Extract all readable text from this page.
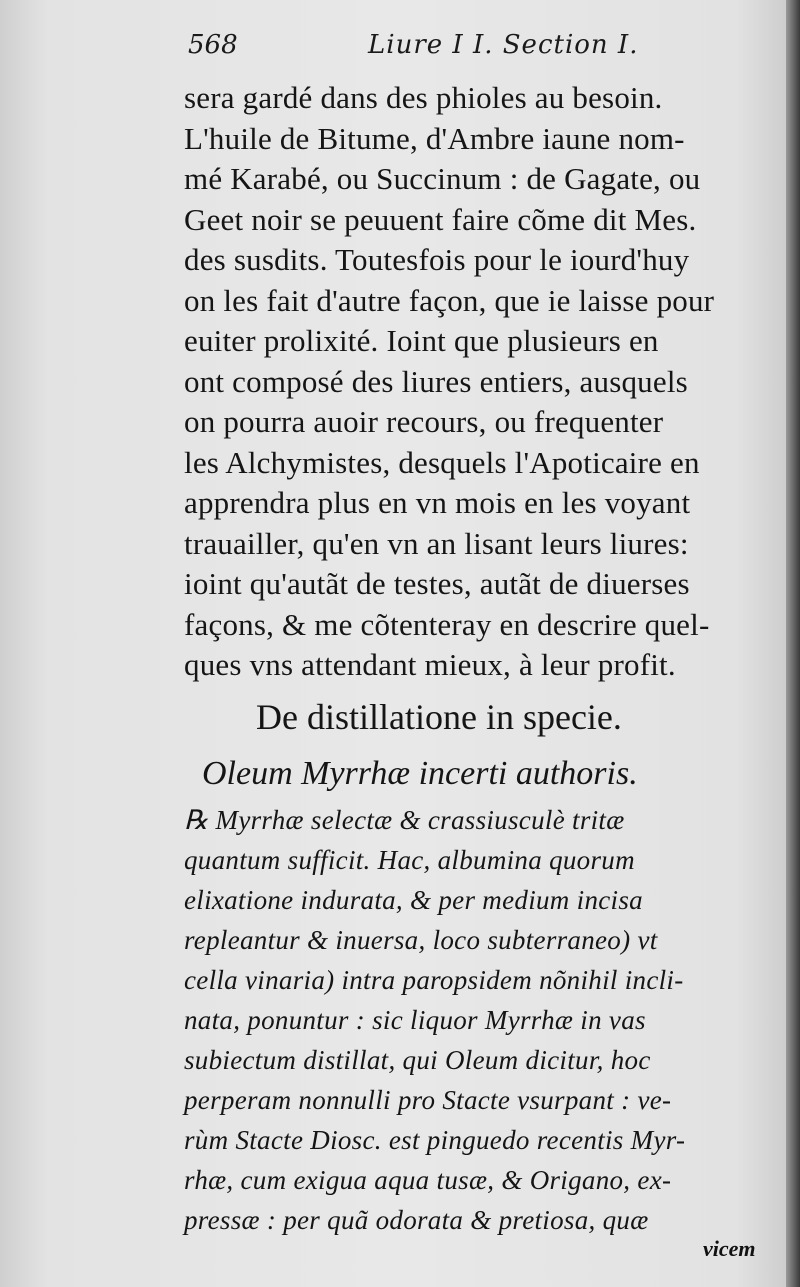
568	Liure I I. Section I.
sera gardé dans des phioles au besoin.
L'huile de Bitume, d'Ambre iaune nom-
mé Karabé, ou Succinum : de Gagate, ou
Geet noir se peuuent faire cõme dit Mes.
des susdits. Toutesfois pour le iourd'huy
on les fait d'autre façon, que ie laisse pour
euiter prolixité. Ioint que plusieurs en
ont composé des liures entiers, ausquels
on pourra auoir recours, ou frequenter
les Alchymistes, desquels l'Apoticaire en
apprendra plus en vn mois en les voyant
trauailler, qu'en vn an lisant leurs liures:
ioint qu'autãt de testes, autãt de diuerses
façons, & me cõtenteray en descrire quel-
ques vns attendant mieux, à leur profit.
De distillatione in specie.
Oleum Myrrhæ incerti authoris.
℞ Myrrhæ selectæ & crassiusculè tritæ
quantum sufficit. Hac, albumina quorum
elixatione indurata, & per medium incisa
repleantur & inuersa, loco subterraneo) vt
cella vinaria) intra paropsidem nõnihil incli-
nata, ponuntur : sic liquor Myrrhæ in vas
subiectum distillat, qui Oleum dicitur, hoc
perperam nonnulli pro Stacte vsurpant : ve-
rùm Stacte Diosc. est pinguedo recentis Myr-
rhæ, cum exigua aqua tusæ, & Origano, ex-
pressæ : per quã odorata & pretiosa, quæ
vicem
